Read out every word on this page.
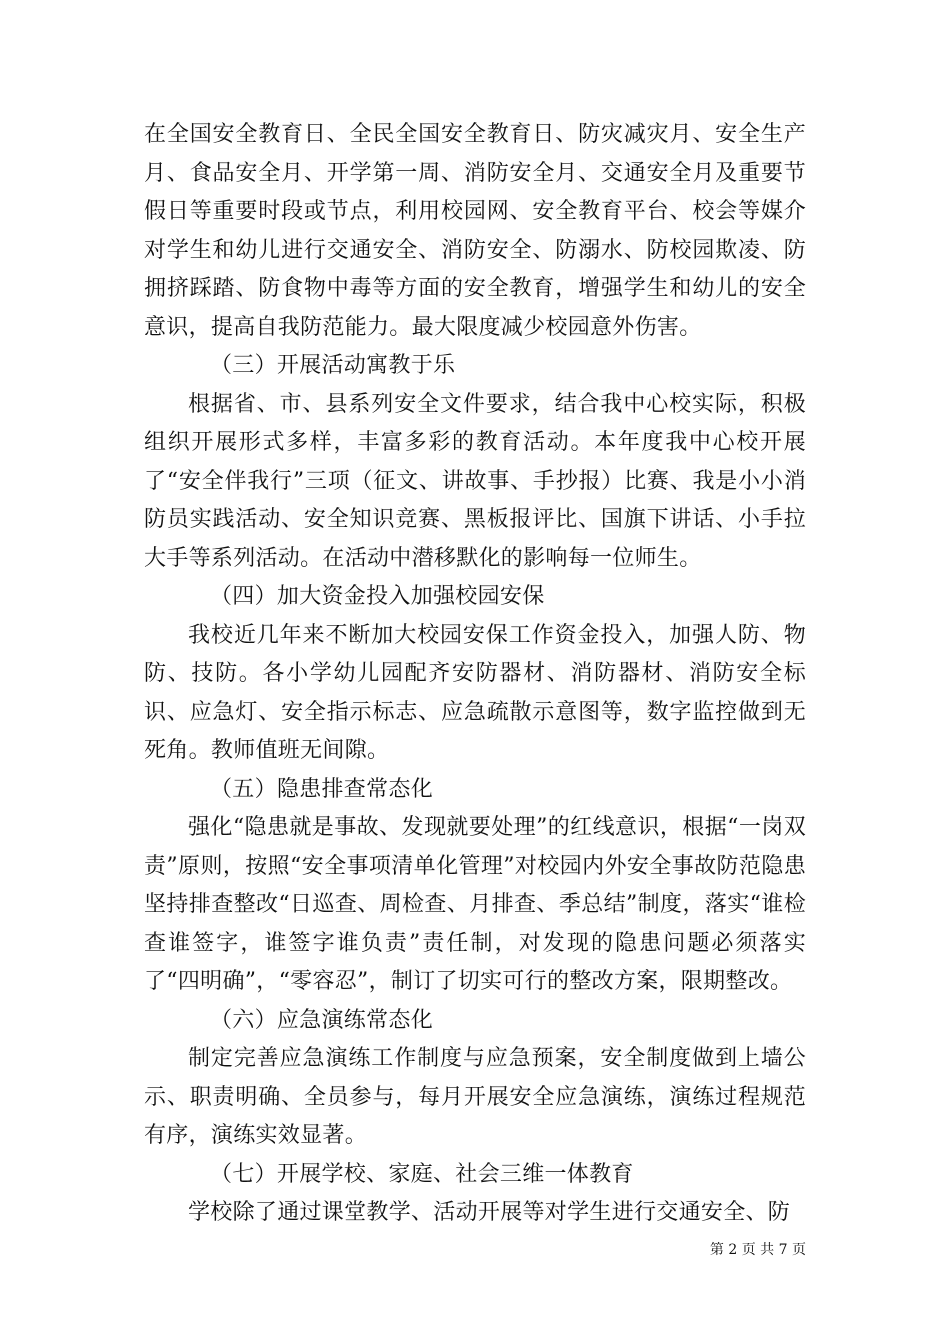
在全国安全教育日、全民全国安全教育日、防灾减灾月、安全生产月、食品安全月、开学第一周、消防安全月、交通安全月及重要节假日等重要时段或节点，利用校园网、安全教育平台、校会等媒介对学生和幼儿进行交通安全、消防安全、防溺水、防校园欺凌、防拥挤踩踏、防食物中毒等方面的安全教育，增强学生和幼儿的安全意识，提高自我防范能力。最大限度减少校园意外伤害。

（三）开展活动寓教于乐

根据省、市、县系列安全文件要求，结合我中心校实际，积极组织开展形式多样，丰富多彩的教育活动。本年度我中心校开展了“安全伴我行”三项（征文、讲故事、手抄报）比赛、我是小小消防员实践活动、安全知识竞赛、黑板报评比、国旗下讲话、小手拉大手等系列活动。在活动中潜移默化的影响每一位师生。

（四）加大资金投入加强校园安保

我校近几年来不断加大校园安保工作资金投入，加强人防、物防、技防。各小学幼儿园配齐安防器材、消防器材、消防安全标识、应急灯、安全指示标志、应急疏散示意图等，数字监控做到无死角。教师值班无间隙。

（五）隐患排查常态化

强化“隐患就是事故、发现就要处理”的红线意识，根据“一岗双责”原则，按照“安全事项清单化管理”对校园内外安全事故防范隐患坚持排查整改“日巡查、周检查、月排查、季总结”制度，落实“谁检查谁签字，谁签字谁负责”责任制，对发现的隐患问题必须落实了“四明确”，“零容忍”，制订了切实可行的整改方案，限期整改。

（六）应急演练常态化

制定完善应急演练工作制度与应急预案，安全制度做到上墙公示、职责明确、全员参与，每月开展安全应急演练，演练过程规范有序，演练实效显著。

（七）开展学校、家庭、社会三维一体教育

学校除了通过课堂教学、活动开展等对学生进行交通安全、防

第 2 页 共 7 页
